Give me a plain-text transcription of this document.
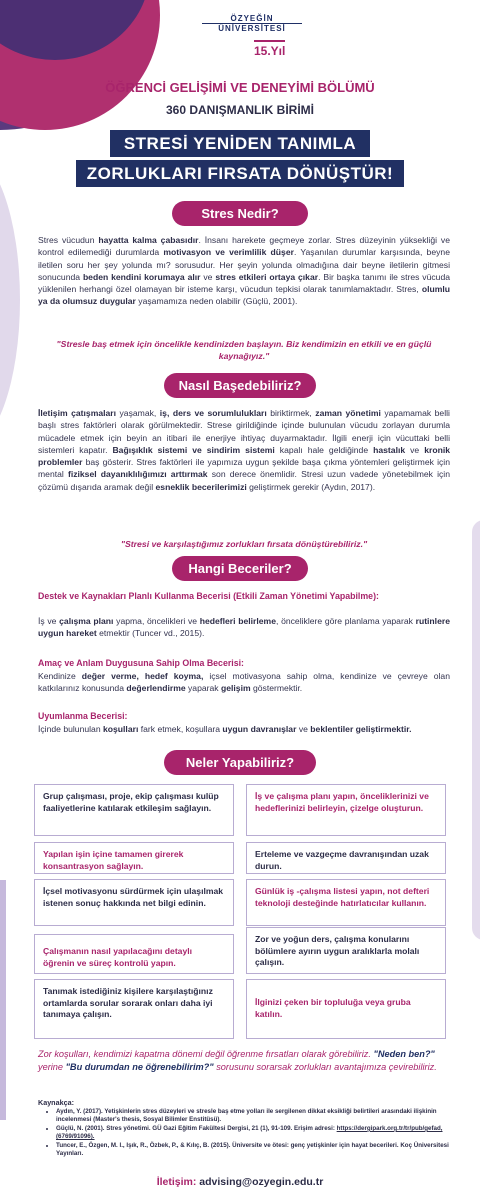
ÖZYEĞİN
ÜNİVERSİTESİ
15.Yıl
ÖĞRENCİ GELİŞİMİ VE DENEYİMİ BÖLÜMÜ
360 DANIŞMANLIK BİRİMİ
STRESİ YENİDEN TANIMLA
ZORLUKLARI FIRSATA DÖNÜŞTÜR!
Stres Nedir?
Stres vücudun hayatta kalma çabasıdır. İnsanı harekete geçmeye zorlar. Stres düzeyinin yüksekliği ve kontrol edilemediği durumlarda motivasyon ve verimlilik düşer. Yaşanılan durumlar karşısında, beyne iletilen soru her şey yolunda mı? sorusudur. Her şeyin yolunda olmadığına dair beyne iletilerin gitmesi sonucunda beden kendini korumaya alır ve stres etkileri ortaya çıkar. Bir başka tanımı ile stres vücuda yüklenilen herhangi özel olamayan bir isteme karşı, vücudun tepkisi olarak tanımlamaktadır. Stres, olumlu ya da olumsuz duygular yaşamamıza neden olabilir (Güçlü, 2001).
"Stresle baş etmek için öncelikle kendinizden başlayın. Biz kendimizin en etkili ve en güçlü kaynağıyız."
Nasıl Başedebiliriz?
İletişim çatışmaları yaşamak, iş, ders ve sorumlulukları biriktirmek, zaman yönetimi yapamamak belli başlı stres faktörleri olarak görülmektedir. Strese girildiğinde içinde bulunulan vücudu zorlayan durumla mücadele etmek için beyin an itibari ile enerjiye ihtiyaç duyarmaktadır. İlgili enerji için vücuttaki belli sistemleri kapatır. Bağışıklık sistemi ve sindirim sistemi kapalı hale geldiğinde hastalık ve kronik problemler baş gösterir. Stres faktörleri ile yapımıza uygun şekilde başa çıkma yöntemleri geliştirmek için mental fiziksel dayanıklılığımızı arttırmak son derece önemlidir. Stresi uzun vadede yönetebilmek için çözümü dışarıda aramak değil esneklik becerilerimizi geliştirmek gerekir (Aydın, 2017).
"Stresi ve karşılaştığımız zorlukları fırsata dönüştürebiliriz."
Hangi Beceriler?
Destek ve Kaynakları Planlı Kullanma Becerisi (Etkili Zaman Yönetimi Yapabilme):
İş ve çalışma planı yapma, öncelikleri ve hedefleri belirleme, önceliklere göre planlama yaparak rutinlere uygun hareket etmektir (Tuncer vd., 2015).
Amaç ve Anlam Duygusuna Sahip Olma Becerisi:
Kendinize değer verme, hedef koyma, içsel motivasyona sahip olma, kendinize ve çevreye olan katkılarınız konusunda değerlendirme yaparak gelişim göstermektir.
Uyumlanma Becerisi:
İçinde bulunulan koşulları fark etmek, koşullara uygun davranışlar ve beklentiler geliştirmektir.
Neler Yapabiliriz?
Grup çalışması, proje, ekip çalışması kulüp faaliyetlerine katılarak etkileşim sağlayın.
İş ve çalışma planı yapın, önceliklerinizi ve hedeflerinizi belirleyin, çizelge oluşturun.
Yapılan işin içine tamamen girerek konsantrasyon sağlayın.
Erteleme ve vazgeçme davranışından uzak durun.
İçsel motivasyonu sürdürmek için ulaşılmak istenen sonuç hakkında net bilgi edinin.
Günlük iş -çalışma listesi yapın, not defteri teknoloji desteğinde hatırlatıcılar kullanın.
Çalışmanın nasıl yapılacağını detaylı öğrenin ve süreç kontrolü yapın.
Zor ve yoğun ders, çalışma konularını bölümlere ayırın uygun aralıklarla molalı çalışın.
Tanımak istediğiniz kişilere karşılaştığınız ortamlarda sorular sorarak onları daha iyi tanımaya çalışın.
İlginizi çeken bir topluluğa veya gruba katılın.
Zor koşulları, kendimizi kapatma dönemi değil öğrenme fırsatları olarak görebiliriz. "Neden ben?" yerine "Bu durumdan ne öğrenebilirim?" sorusunu sorarsak zorlukları avantajımıza çevirebiliriz.
Kaynakça:
• Aydın, Y. (2017). Yetişkinlerin stres düzeyleri ve stresle baş etme yolları ile sergilenen dikkat eksikliği belirtileri arasındaki ilişkinin incelenmesi (Master's thesis, Sosyal Bilimler Enstitüsü).
• Güçlü, N. (2001). Stres yönetimi. GÜ Gazi Eğitim Fakültesi Dergisi, 21 (1), 91-109. Erişim adresi: https://dergipark.org.tr/tr/pub/gefad, (6769/91096).
• Tuncer, E., Özgen, M. I., Işık, R., Özbek, P., & Kılıç, B. (2015). Üniversite ve ötesi: genç yetişkinler için hayat becerileri. Koç Üniversitesi Yayınları.
İletişim: advising@ozyegin.edu.tr
